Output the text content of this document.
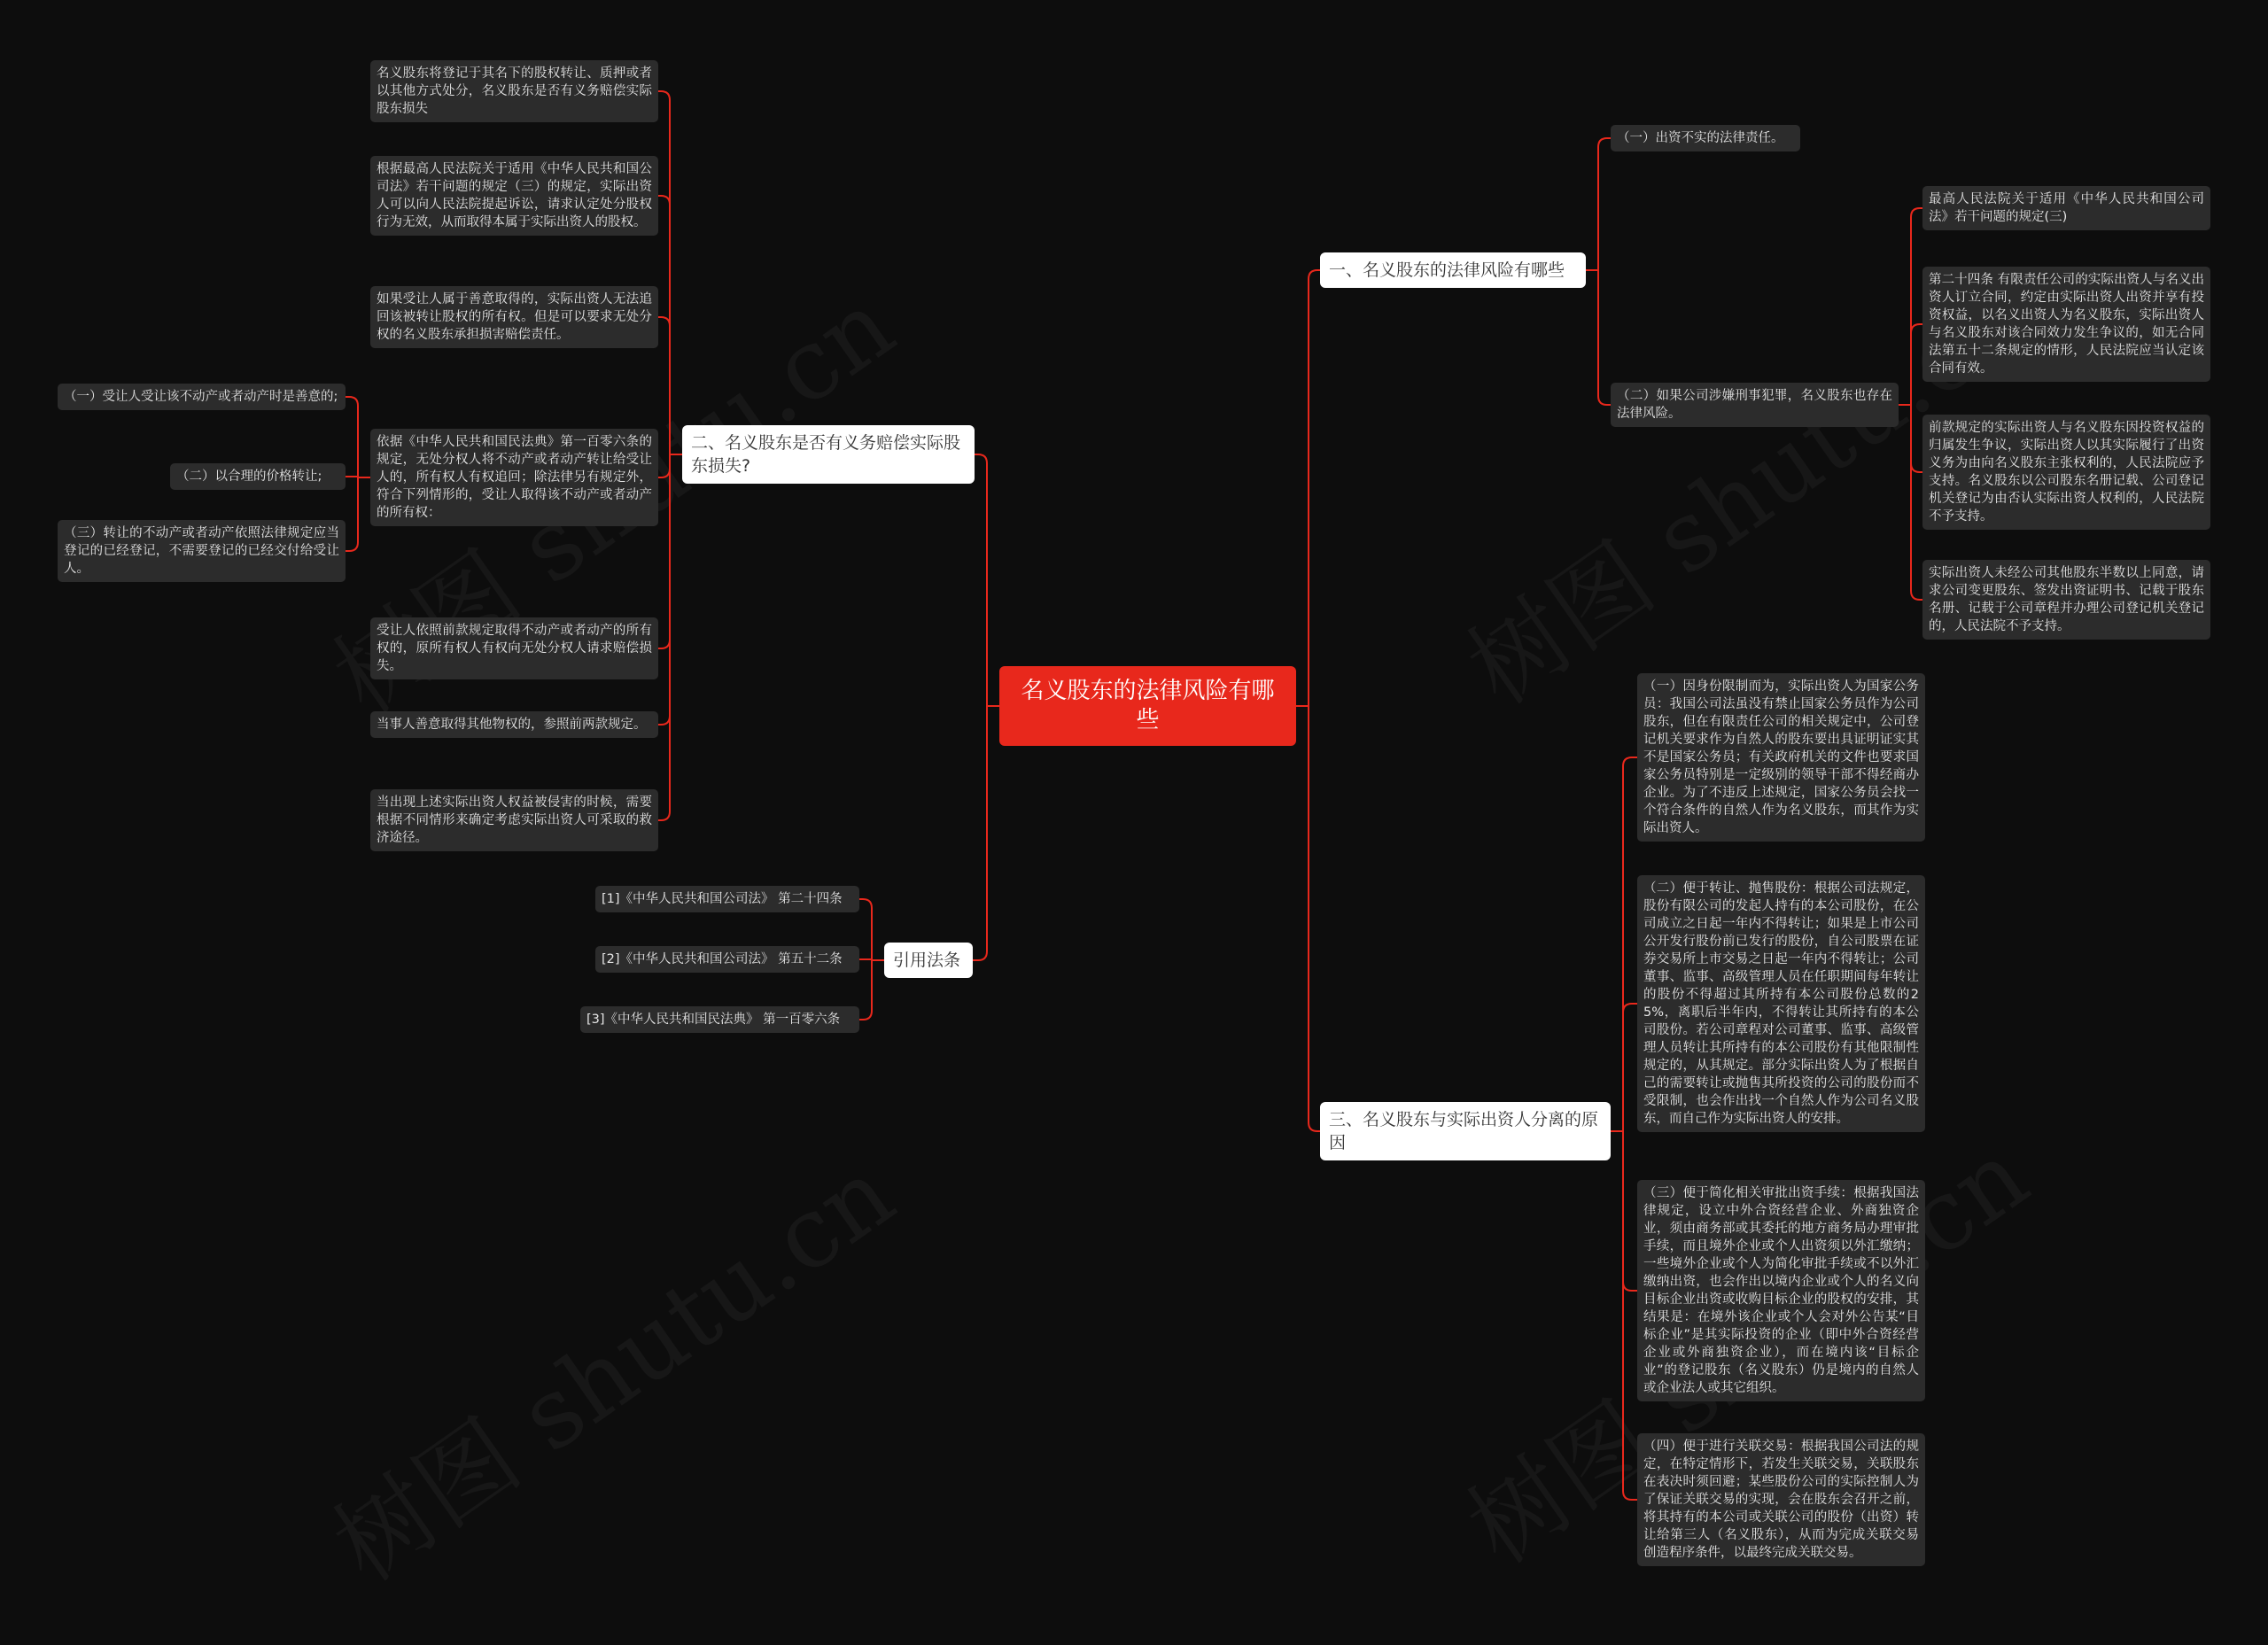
名义股东的法律风险有哪些
一、名义股东的法律风险有哪些
（一）出资不实的法律责任。
（二）如果公司涉嫌刑事犯罪，名义股东也存在法律风险。
最高人民法院关于适用《中华人民共和国公司法》若干问题的规定(三)
第二十四条 有限责任公司的实际出资人与名义出资人订立合同，约定由实际出资人出资并享有投资权益，以名义出资人为名义股东，实际出资人与名义股东对该合同效力发生争议的，如无合同法第五十二条规定的情形，人民法院应当认定该合同有效。
前款规定的实际出资人与名义股东因投资权益的归属发生争议，实际出资人以其实际履行了出资义务为由向名义股东主张权利的，人民法院应予支持。名义股东以公司股东名册记载、公司登记机关登记为由否认实际出资人权利的，人民法院不予支持。
实际出资人未经公司其他股东半数以上同意，请求公司变更股东、签发出资证明书、记载于股东名册、记载于公司章程并办理公司登记机关登记的，人民法院不予支持。
二、名义股东是否有义务赔偿实际股东损失?
名义股东将登记于其名下的股权转让、质押或者以其他方式处分，名义股东是否有义务赔偿实际股东损失
根据最高人民法院关于适用《中华人民共和国公司法》若干问题的规定（三）的规定，实际出资人可以向人民法院提起诉讼，请求认定处分股权行为无效，从而取得本属于实际出资人的股权。
如果受让人属于善意取得的，实际出资人无法追回该被转让股权的所有权。但是可以要求无处分权的名义股东承担损害赔偿责任。
依据《中华人民共和国民法典》第一百零六条的规定，无处分权人将不动产或者动产转让给受让人的，所有权人有权追回；除法律另有规定外，符合下列情形的，受让人取得该不动产或者动产的所有权：
（一）受让人受让该不动产或者动产时是善意的;
（二）以合理的价格转让;
（三）转让的不动产或者动产依照法律规定应当登记的已经登记，不需要登记的已经交付给受让人。
受让人依照前款规定取得不动产或者动产的所有权的，原所有权人有权向无处分权人请求赔偿损失。
当事人善意取得其他物权的，参照前两款规定。
当出现上述实际出资人权益被侵害的时候，需要根据不同情形来确定考虑实际出资人可采取的救济途径。
引用法条
[1]《中华人民共和国公司法》 第二十四条
[2]《中华人民共和国公司法》 第五十二条
[3]《中华人民共和国民法典》 第一百零六条
三、名义股东与实际出资人分离的原因
（一）因身份限制而为，实际出资人为国家公务员：我国公司法虽没有禁止国家公务员作为公司股东，但在有限责任公司的相关规定中，公司登记机关要求作为自然人的股东要出具证明证实其不是国家公务员；有关政府机关的文件也要求国家公务员特别是一定级别的领导干部不得经商办企业。为了不违反上述规定，国家公务员会找一个符合条件的自然人作为名义股东，而其作为实际出资人。
（二）便于转让、抛售股份：根据公司法规定，股份有限公司的发起人持有的本公司股份，在公司成立之日起一年内不得转让；如果是上市公司公开发行股份前已发行的股份，自公司股票在证券交易所上市交易之日起一年内不得转让；公司董事、监事、高级管理人员在任职期间每年转让的股份不得超过其所持有本公司股份总数的25%，离职后半年内，不得转让其所持有的本公司股份。若公司章程对公司董事、监事、高级管理人员转让其所持有的本公司股份有其他限制性规定的，从其规定。部分实际出资人为了根据自己的需要转让或抛售其所投资的公司的股份而不受限制，也会作出找一个自然人作为公司名义股东，而自己作为实际出资人的安排。
（三）便于简化相关审批出资手续：根据我国法律规定，设立中外合资经营企业、外商独资企业，须由商务部或其委托的地方商务局办理审批手续，而且境外企业或个人出资须以外汇缴纳；一些境外企业或个人为简化审批手续或不以外汇缴纳出资，也会作出以境内企业或个人的名义向目标企业出资或收购目标企业的股权的安排，其结果是：在境外该企业或个人会对外公告某“目标企业”是其实际投资的企业（即中外合资经营企业或外商独资企业），而在境内该“目标企业”的登记股东（名义股东）仍是境内的自然人或企业法人或其它组织。
（四）便于进行关联交易：根据我国公司法的规定，在特定情形下，若发生关联交易，关联股东在表决时须回避；某些股份公司的实际控制人为了保证关联交易的实现，会在股东会召开之前，将其持有的本公司或关联公司的股份（出资）转让给第三人（名义股东），从而为完成关联交易创造程序条件，以最终完成关联交易。
